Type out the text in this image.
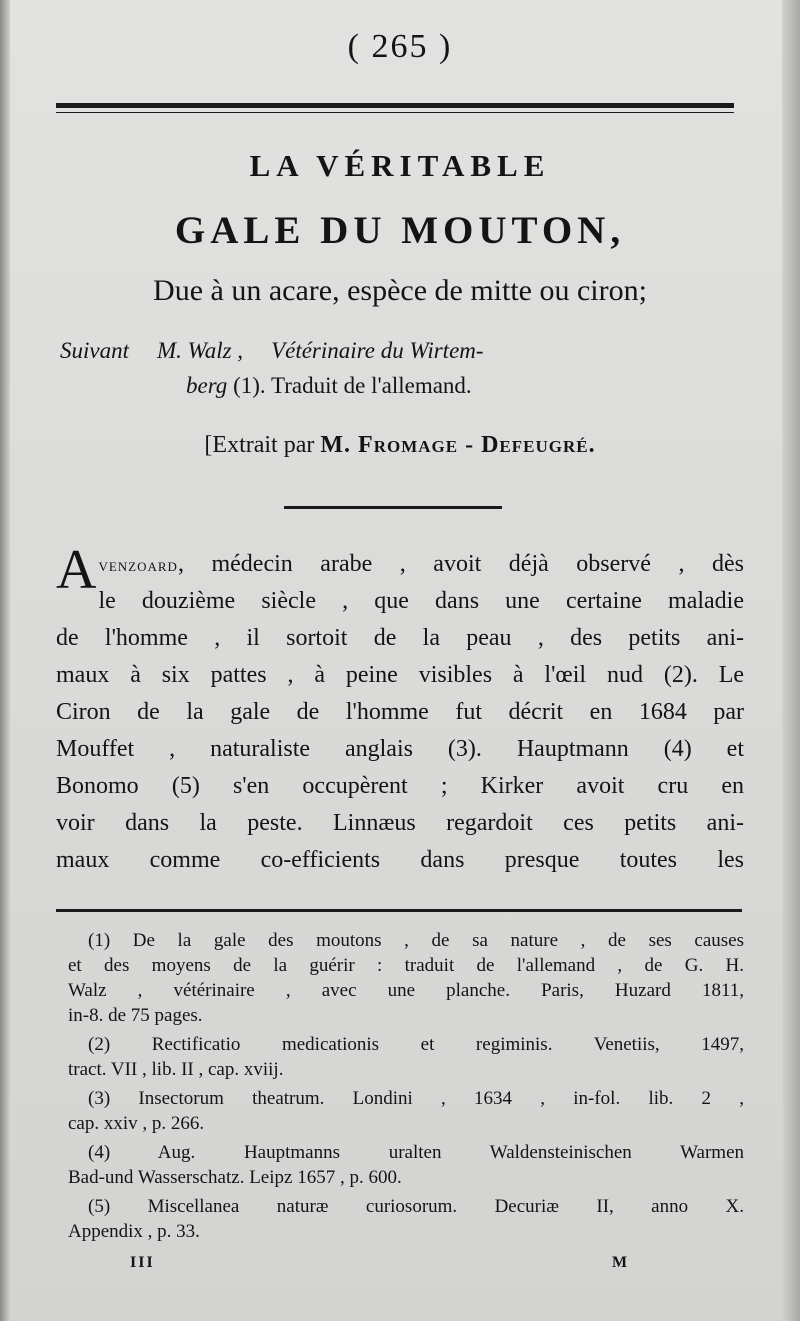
( 265 )
LA VÉRITABLE
GALE DU MOUTON,
Due à un acare, espèce de mitte ou ciron;
Suivant M. Walz , Vétérinaire du Wirtem-
berg (1). Traduit de l'allemand.
[Extrait par M. Fromage - Defeugré.
A venzoard, médecin arabe , avoit déjà observé , dès
le douzième siècle , que dans une certaine maladie
de l'homme , il sortoit de la peau , des petits ani-
maux à six pattes , à peine visibles à l'œil nud (2). Le
Ciron de la gale de l'homme fut décrit en 1684 par
Mouffet , naturaliste anglais (3). Hauptmann (4) et
Bonomo (5) s'en occupèrent ; Kirker avoit cru en
voir dans la peste. Linnæus regardoit ces petits ani-
maux comme co-efficients dans presque toutes les
(1) De la gale des moutons , de sa nature , de ses causes
et des moyens de la guérir : traduit de l'allemand , de G. H.
Walz , vétérinaire , avec une planche. Paris, Huzard 1811,
in-8. de 75 pages.
(2) Rectificatio medicationis et regiminis. Venetiis, 1497,
tract. VII , lib. II , cap. xviij.
(3) Insectorum theatrum. Londini , 1634 , in-fol. lib. 2 ,
cap. xxiv , p. 266.
(4) Aug. Hauptmanns uralten Waldensteinischen Warmen
Bad-und Wasserschatz. Leipz 1657 , p. 600.
(5) Miscellanea naturæ curiosorum. Decuriæ II, anno X.
Appendix , p. 33.
III	M
